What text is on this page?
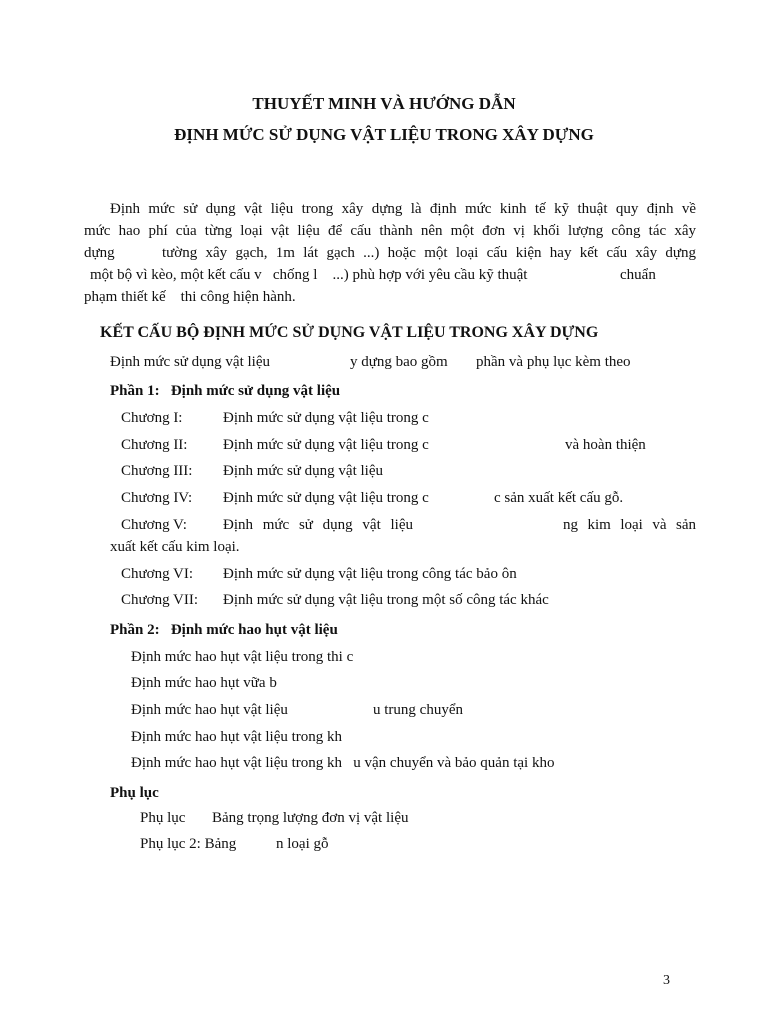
THUYẾT MINH VÀ HƯỚNG DẪN
ĐỊNH MỨC SỬ DỤNG VẬT LIỆU TRONG XÂY DỰNG
Định mức sử dụng vật liệu trong xây dựng là định mức kinh tế kỹ thuật quy định về
mức hao phí của từng loại vật liệu để cấu thành nên một đơn vị khối lượng công tác xây
dựng	tường xây gạch, 1m lát gạch ...) hoặc một loại cấu kiện hay kết cấu xây dựng
một bộ vì kèo, một kết cấu v   chống l    ...) phù hợp với yêu cầu kỹ thuật	chuẩn
phạm thiết kế    thi công hiện hành.
KẾT CẤU BỘ ĐỊNH MỨC SỬ DỤNG VẬT LIỆU TRONG XÂY DỰNG
Định mức sử dụng vật liệu	y dựng bao gồm phần và phụ lục kèm theo
Phần 1:   Định mức sử dụng vật liệu
Chương I:	Định mức sử dụng vật liệu trong c
Chương II: Định mức sử dụng vật liệu trong c	và hoàn thiện
Chương III: Định mức sử dụng vật liệu
Chương IV: Định mức sử dụng vật liệu trong c	c sản xuất kết cấu gỗ.
Chương V: Định mức sử dụng vật liệu	ng kim loại và sản
xuất kết cấu kim loại.
Chương VI: Định mức sử dụng vật liệu trong công tác bảo ôn
Chương VII: Định mức sử dụng vật liệu trong một số công tác khác
Phần 2:   Định mức hao hụt vật liệu
Định mức hao hụt vật liệu trong thi c
Định mức hao hụt vữa b
Định mức hao hụt vật liệu	u trung chuyển
Định mức hao hụt vật liệu trong kh
Định mức hao hụt vật liệu trong kh   u vận chuyển và bảo quản tại kho
Phụ lục
Phụ lục Bảng trọng lượng đơn vị vật liệu
Phụ lục 2: Bảng	n loại gỗ
3
